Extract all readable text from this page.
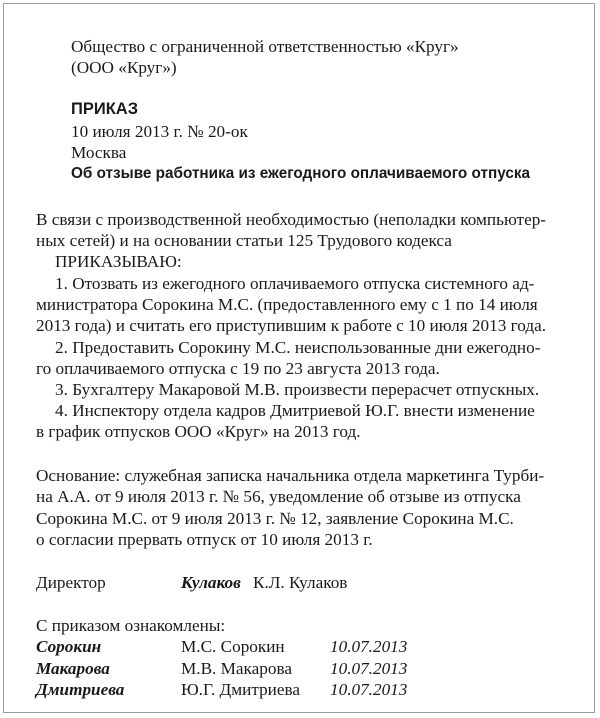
Общество с ограниченной ответственностью «Круг»
(ООО «Круг»)
ПРИКАЗ
10 июля 2013 г. № 20-ок
Москва
Об отзыве работника из ежегодного оплачиваемого отпуска
В связи с производственной необходимостью (неполадки компьютер-
ных сетей) и на основании статьи 125 Трудового кодекса
ПРИКАЗЫВАЮ:
1. Отозвать из ежегодного оплачиваемого отпуска системного ад-
министратора Сорокина М.С. (предоставленного ему с 1 по 14 июля
2013 года) и считать его приступившим к работе с 10 июля 2013 года.
2. Предоставить Сорокину М.С. неиспользованные дни ежегодно-
го оплачиваемого отпуска с 19 по 23 августа 2013 года.
3. Бухгалтеру Макаровой М.В. произвести перерасчет отпускных.
4. Инспектору отдела кадров Дмитриевой Ю.Г. внести изменение
в график отпусков ООО «Круг» на 2013 год.
Основание: служебная записка начальника отдела маркетинга Турби-
на А.А. от 9 июля 2013 г. № 56, уведомление об отзыве из отпуска
Сорокина М.С. от 9 июля 2013 г. № 12, заявление Сорокина М.С.
о согласии прервать отпуск от 10 июля 2013 г.
Директор	Кулаков К.Л. Кулаков
С приказом ознакомлены:
Сорокин	М.С. Сорокин	10.07.2013
Макарова	М.В. Макарова 10.07.2013
Дмитриева	Ю.Г. Дмитриева 10.07.2013
